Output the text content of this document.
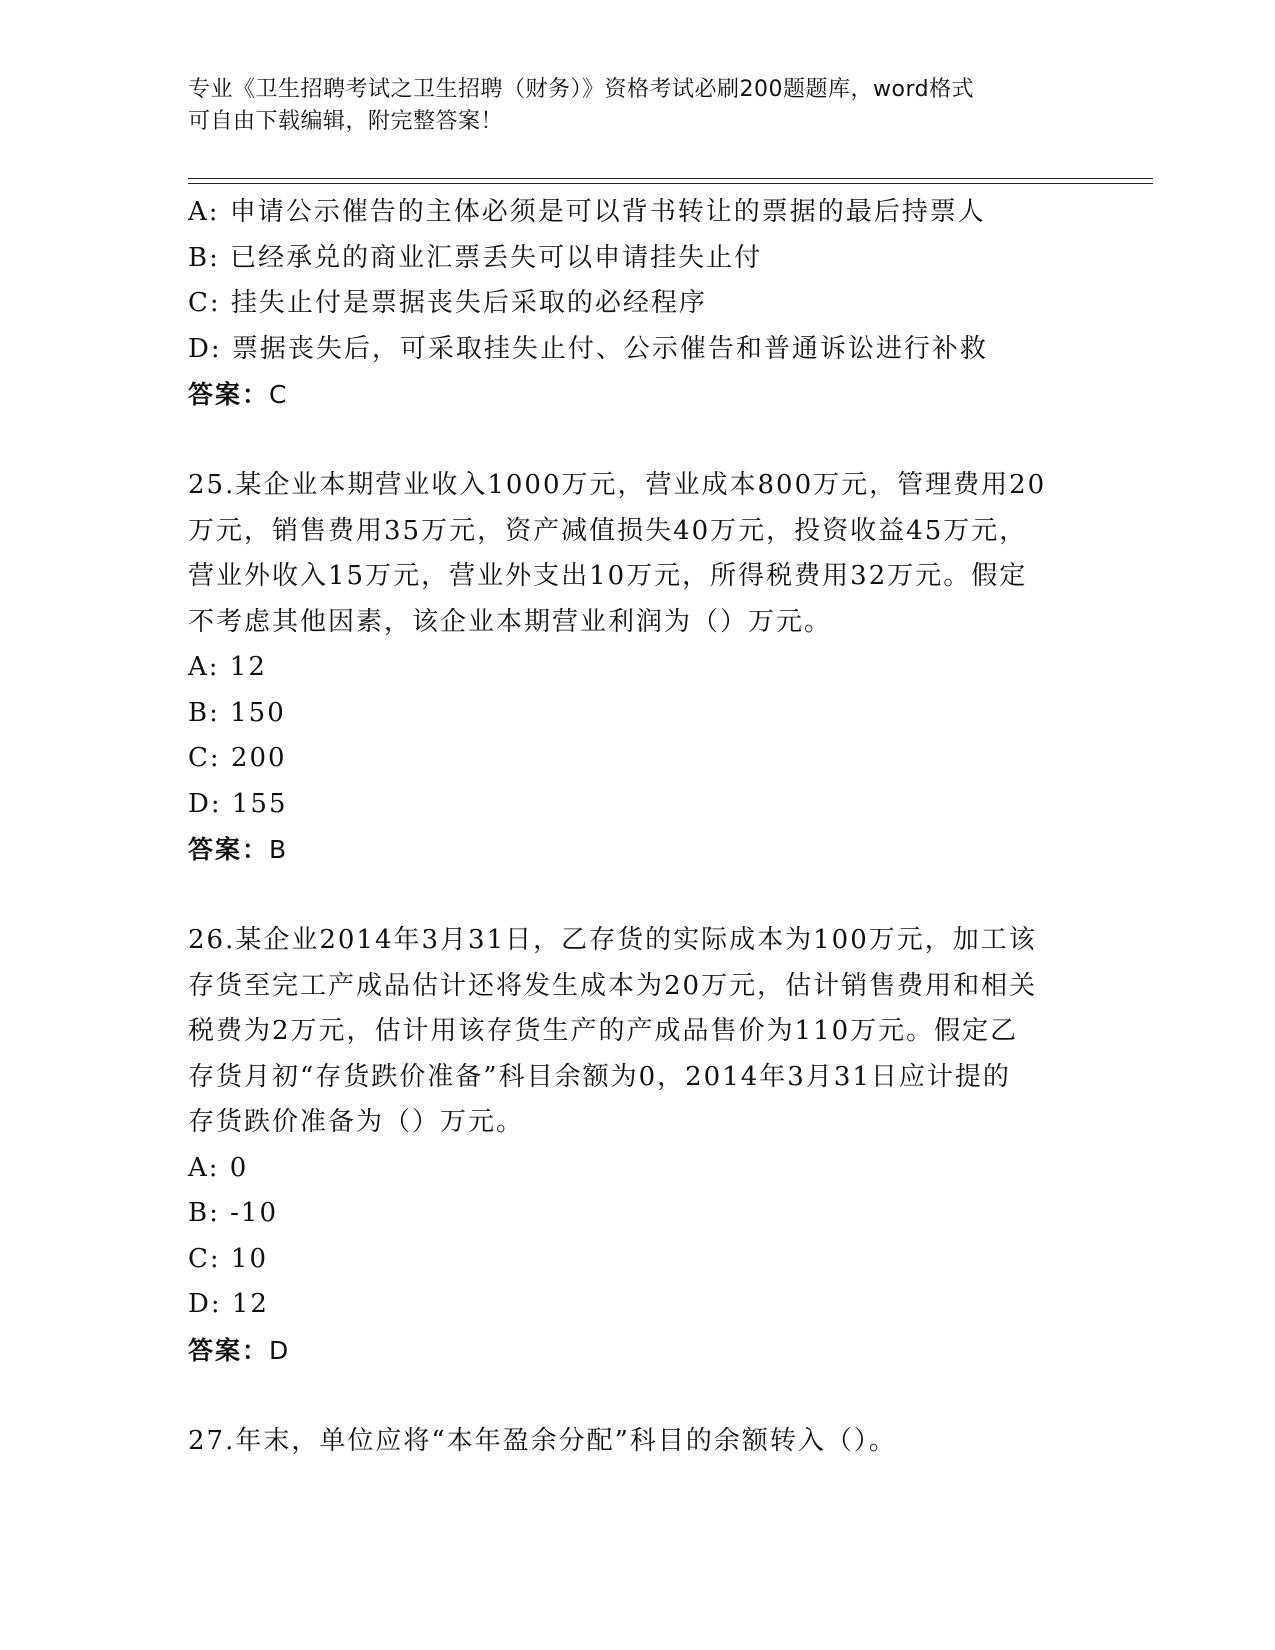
专业《卫生招聘考试之卫生招聘（财务）》资格考试必刷200题题库，word格式
可自由下载编辑，附完整答案！
A: 申请公示催告的主体必须是可以背书转让的票据的最后持票人
B: 已经承兑的商业汇票丢失可以申请挂失止付
C: 挂失止付是票据丧失后采取的必经程序
D: 票据丧失后，可采取挂失止付、公示催告和普通诉讼进行补救
答案：C
25.某企业本期营业收入1000万元，营业成本800万元，管理费用20
万元，销售费用35万元，资产减值损失40万元，投资收益45万元，
营业外收入15万元，营业外支出10万元，所得税费用32万元。假定
不考虑其他因素，该企业本期营业利润为（）万元。
A: 12
B: 150
C: 200
D: 155
答案：B
26.某企业2014年3月31日，乙存货的实际成本为100万元，加工该
存货至完工产成品估计还将发生成本为20万元，估计销售费用和相关
税费为2万元，估计用该存货生产的产成品售价为110万元。假定乙
存货月初“存货跌价准备”科目余额为0，2014年3月31日应计提的
存货跌价准备为（）万元。
A: 0
B: -10
C: 10
D: 12
答案：D
27.年末，单位应将“本年盈余分配”科目的余额转入（）。
